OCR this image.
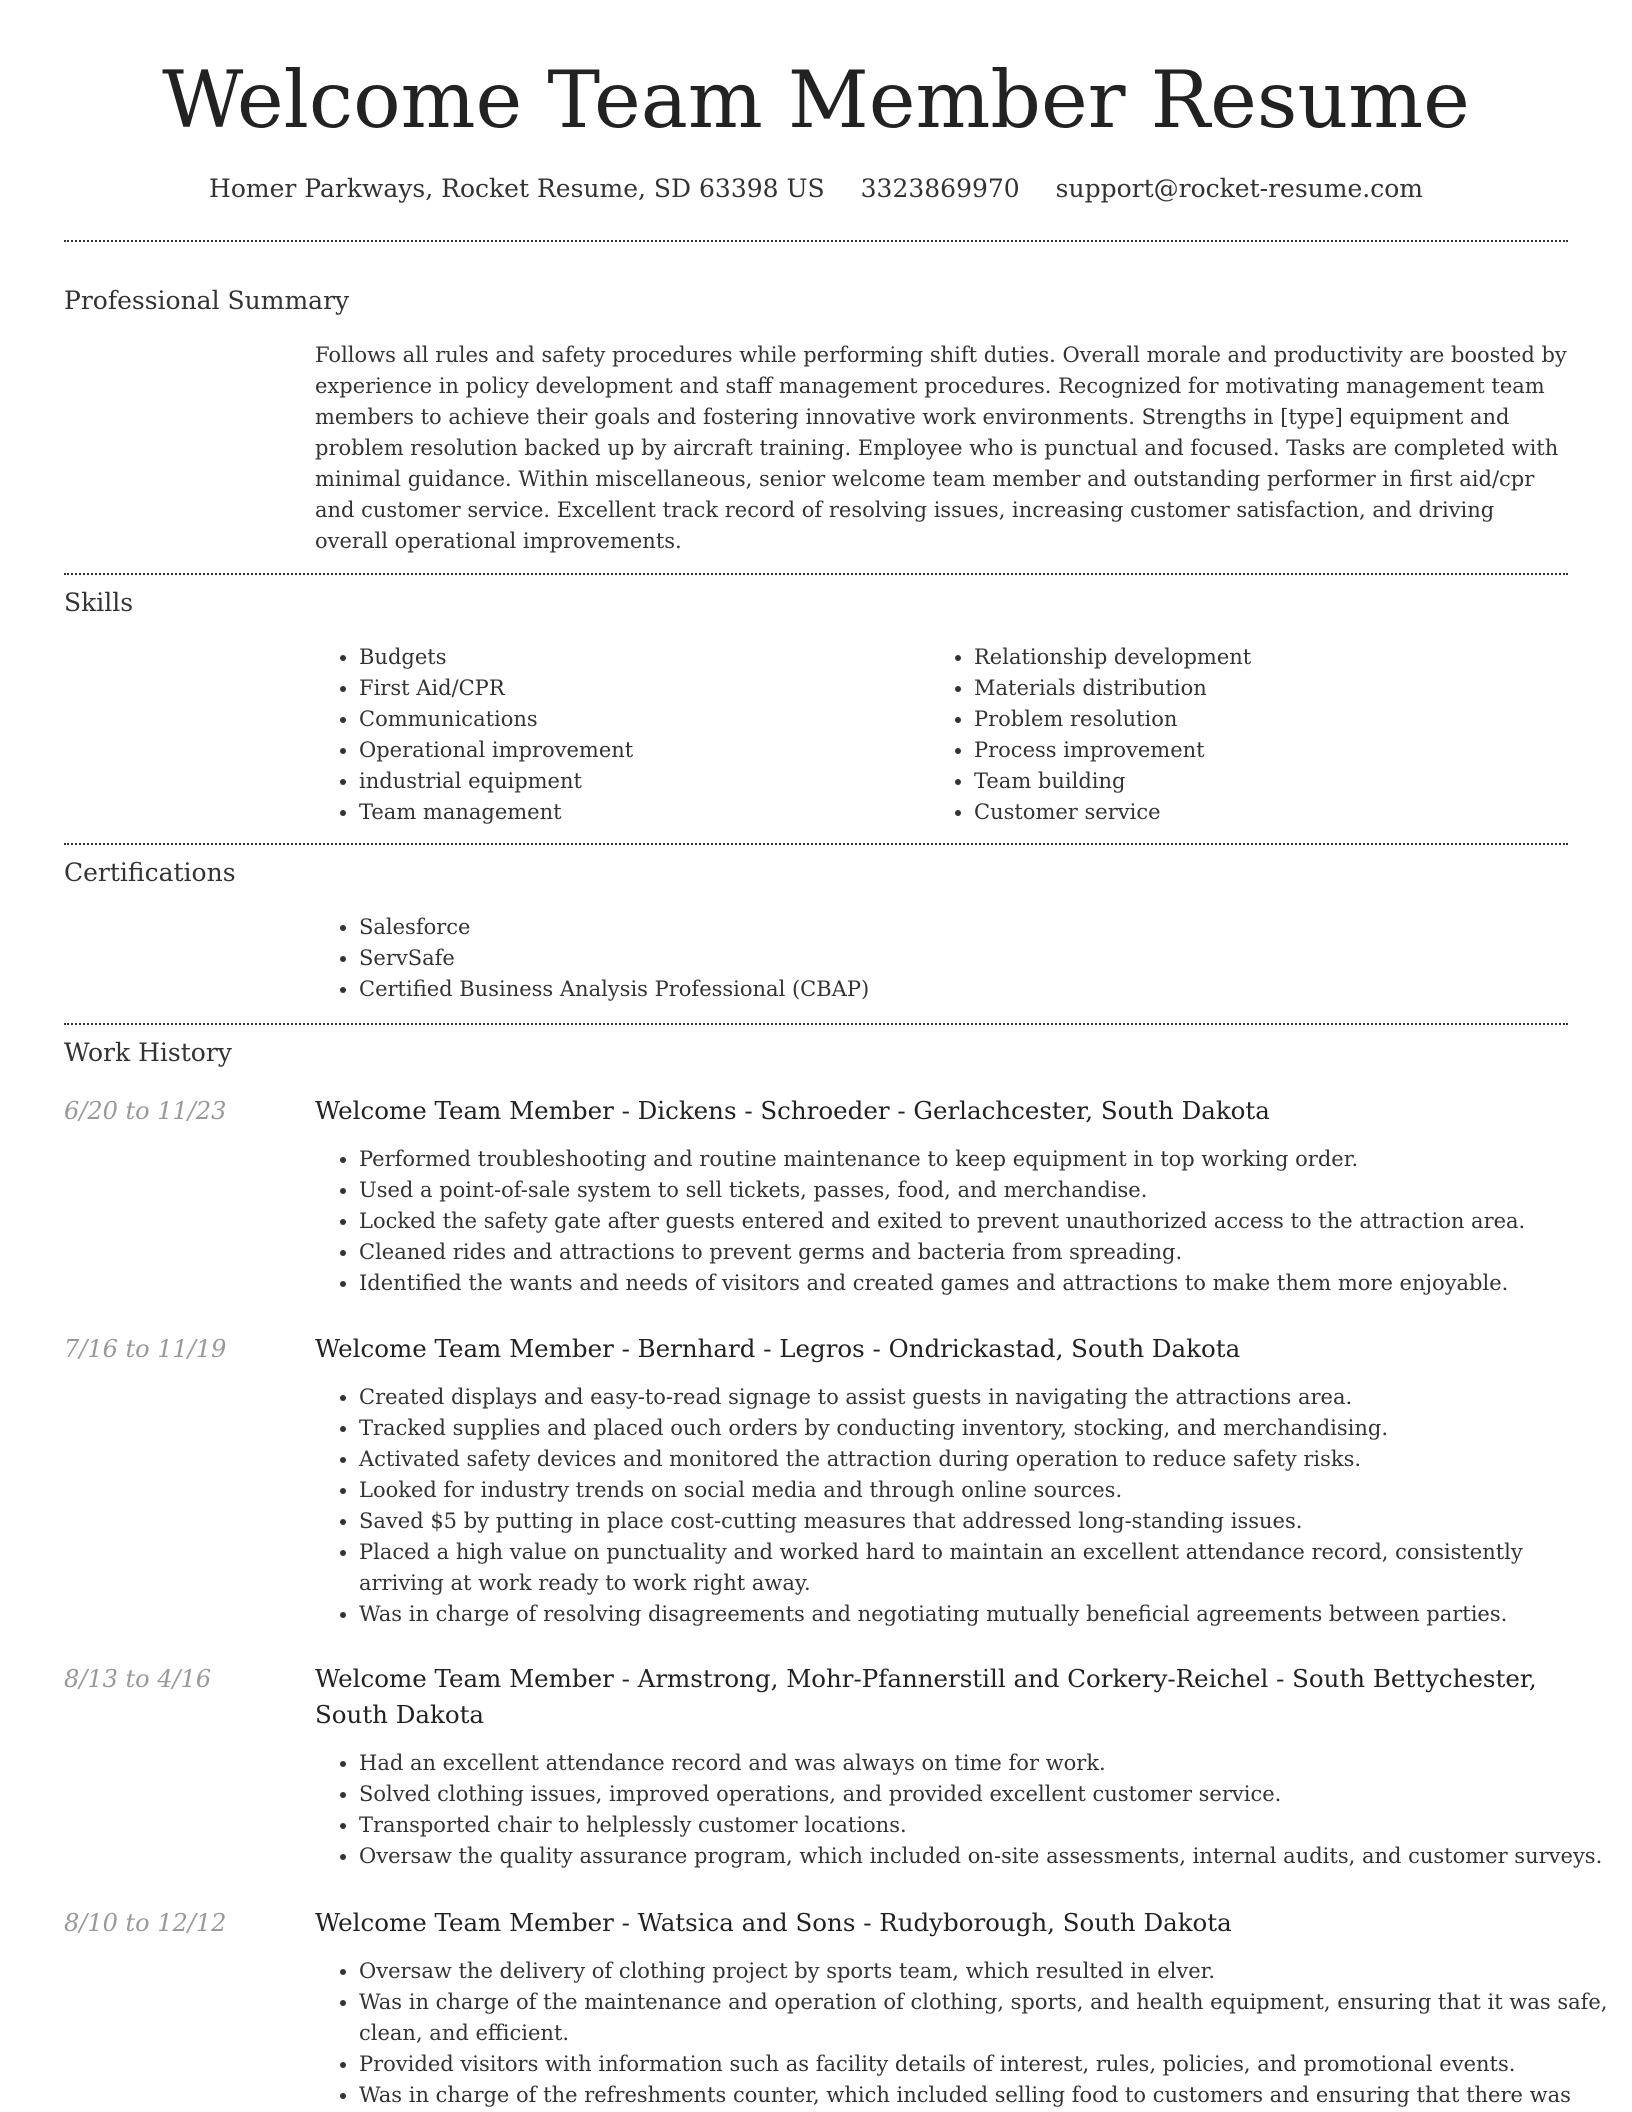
Welcome Team Member Resume
Homer Parkways, Rocket Resume, SD 63398 US 3323869970 support@rocket-resume.com
Professional Summary

Follows all rules and safety procedures while performing shift duties. Overall morale and productivity are boosted by experience in policy development and staff management procedures. Recognized for motivating management team members to achieve their goals and fostering innovative work environments. Strengths in [type] equipment and problem resolution backed up by aircraft training. Employee who is punctual and focused. Tasks are completed with minimal guidance. Within miscellaneous, senior welcome team member and outstanding performer in first aid/cpr and customer service. Excellent track record of resolving issues, increasing customer satisfaction, and driving overall operational improvements.

Skills
• Budgets
• First Aid/CPR
• Communications
• Operational improvement
• industrial equipment
• Team management
• Relationship development
• Materials distribution
• Problem resolution
• Process improvement
• Team building
• Customer service
Certifications
• Salesforce
• ServSafe
• Certified Business Analysis Professional (CBAP)
Work History
6/20 to 11/23	Welcome Team Member - Dickens - Schroeder - Gerlachcester, South Dakota
• Performed troubleshooting and routine maintenance to keep equipment in top working order.
• Used a point-of-sale system to sell tickets, passes, food, and merchandise.
• Locked the safety gate after guests entered and exited to prevent unauthorized access to the attraction area.
• Cleaned rides and attractions to prevent germs and bacteria from spreading.
• Identified the wants and needs of visitors and created games and attractions to make them more enjoyable.
7/16 to 11/19	Welcome Team Member - Bernhard - Legros - Ondrickastad, South Dakota
• Created displays and easy-to-read signage to assist guests in navigating the attractions area.
• Tracked supplies and placed ouch orders by conducting inventory, stocking, and merchandising.
• Activated safety devices and monitored the attraction during operation to reduce safety risks.
• Looked for industry trends on social media and through online sources.
• Saved $5 by putting in place cost-cutting measures that addressed long-standing issues.
• Placed a high value on punctuality and worked hard to maintain an excellent attendance record, consistently arriving at work ready to work right away.
• Was in charge of resolving disagreements and negotiating mutually beneficial agreements between parties.
8/13 to 4/16	Welcome Team Member - Armstrong, Mohr-Pfannerstill and Corkery-Reichel - South Bettychester, South Dakota
• Had an excellent attendance record and was always on time for work.
• Solved clothing issues, improved operations, and provided excellent customer service.
• Transported chair to helplessly customer locations.
• Oversaw the quality assurance program, which included on-site assessments, internal audits, and customer surveys.
8/10 to 12/12	Welcome Team Member - Watsica and Sons - Rudyborough, South Dakota
• Oversaw the delivery of clothing project by sports team, which resulted in elver.
• Was in charge of the maintenance and operation of clothing, sports, and health equipment, ensuring that it was safe, clean, and efficient.
• Provided visitors with information such as facility details of interest, rules, policies, and promotional events.
• Was in charge of the refreshments counter, which included selling food to customers and ensuring that there was
